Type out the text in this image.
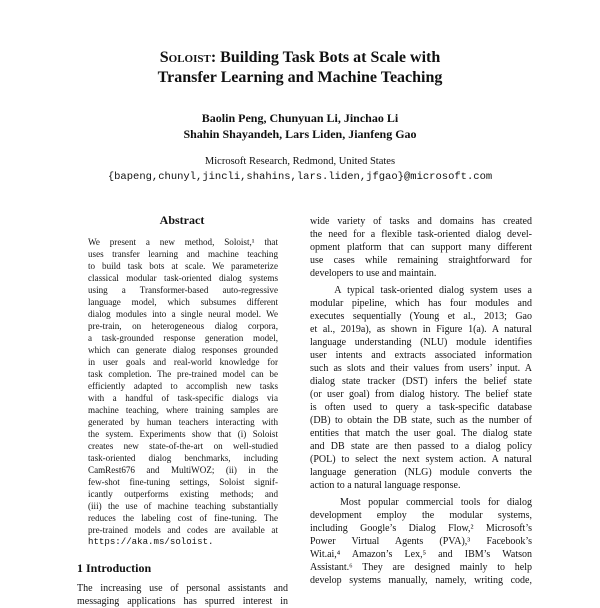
Soloist: Building Task Bots at Scale with
Transfer Learning and Machine Teaching
Baolin Peng, Chunyuan Li, Jinchao Li
Shahin Shayandeh, Lars Liden, Jianfeng Gao
Microsoft Research, Redmond, United States
{bapeng,chunyl,jincli,shahins,lars.liden,jfgao}@microsoft.com
Abstract
We present a new method, Soloist,¹ that
uses transfer learning and machine teaching
to build task bots at scale. We parameterize
classical modular task-oriented dialog systems
using a Transformer-based auto-regressive
language model, which subsumes different
dialog modules into a single neural model. We
pre-train, on heterogeneous dialog corpora,
a task-grounded response generation model,
which can generate dialog responses grounded
in user goals and real-world knowledge for
task completion. The pre-trained model can be
efficiently adapted to accomplish new tasks
with a handful of task-specific dialogs via
machine teaching, where training samples are
generated by human teachers interacting with
the system. Experiments show that (i) Soloist
creates new state-of-the-art on well-studied
task-oriented dialog benchmarks, including
CamRest676 and MultiWOZ; (ii) in the
few-shot fine-tuning settings, Soloist signif-
icantly outperforms existing methods; and
(iii) the use of machine teaching substantially
reduces the labeling cost of fine-tuning. The
pre-trained models and codes are available at
https://aka.ms/soloist.
1 Introduction
The increasing use of personal assistants and
messaging applications has spurred interest in
wide variety of tasks and domains has created
the need for a flexible task-oriented dialog devel-
opment platform that can support many different
use cases while remaining straightforward for
developers to use and maintain.
A typical task-oriented dialog system uses a
modular pipeline, which has four modules and
executes sequentially (Young et al., 2013; Gao
et al., 2019a), as shown in Figure 1(a). A natural
language understanding (NLU) module identifies
user intents and extracts associated information
such as slots and their values from users’ input. A
dialog state tracker (DST) infers the belief state
(or user goal) from dialog history. The belief state
is often used to query a task-specific database
(DB) to obtain the DB state, such as the number of
entities that match the user goal. The dialog state
and DB state are then passed to a dialog policy
(POL) to select the next system action. A natural
language generation (NLG) module converts the
action to a natural language response.
Most popular commercial tools for dialog
development employ the modular systems,
including Google’s Dialog Flow,² Microsoft’s
Power Virtual Agents (PVA),³ Facebook’s
Wit.ai,⁴ Amazon’s Lex,⁵ and IBM’s Watson
Assistant.⁶ They are designed mainly to help
develop systems manually, namely, writing code,
